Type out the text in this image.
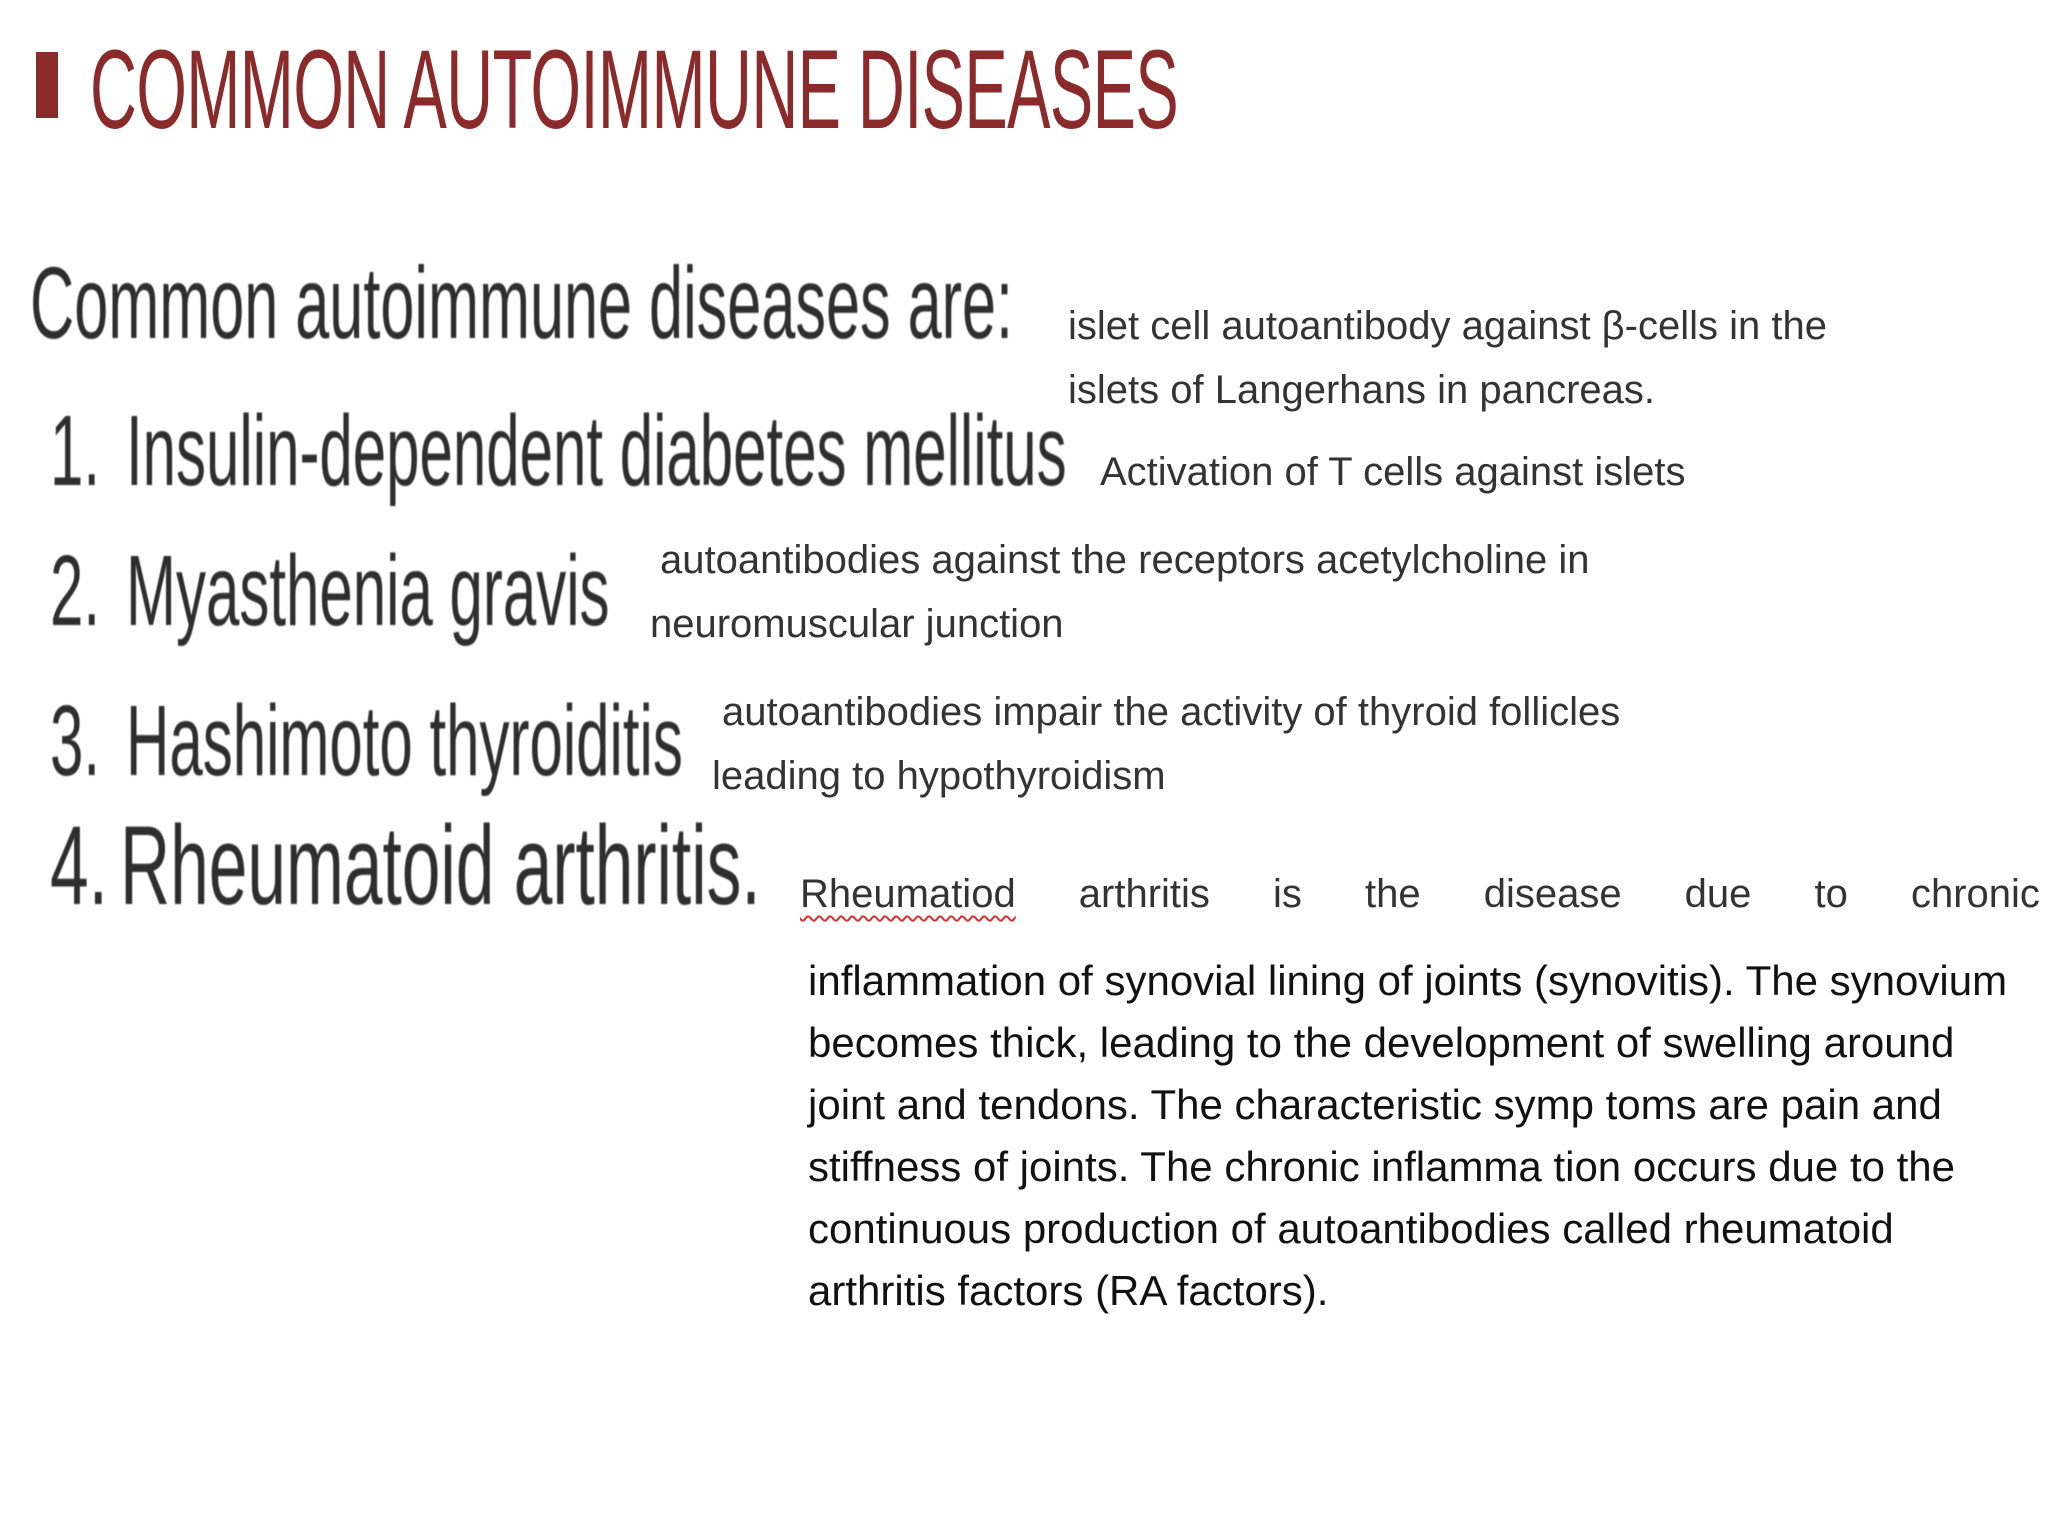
COMMON AUTOIMMUNE DISEASES
Common autoimmune diseases are:
1. Insulin-dependent diabetes mellitus
2. Myasthenia gravis
3. Hashimoto thyroiditis
4. Rheumatoid arthritis.
islet cell autoantibody against β-cells in the
islets of Langerhans in pancreas.
Activation of T cells against islets
autoantibodies against the receptors acetylcholine in
neuromuscular junction
autoantibodies impair the activity of thyroid follicles
leading to hypothyroidism
Rheumatiod arthritis is the disease due to chronic
inflammation of synovial lining of joints (synovitis). The synovium becomes thick, leading to the development of swelling around joint and tendons. The characteristic symp toms are pain and stiffness of joints. The chronic inflamma tion occurs due to the continuous production of autoantibodies called rheumatoid arthritis factors (RA factors).
